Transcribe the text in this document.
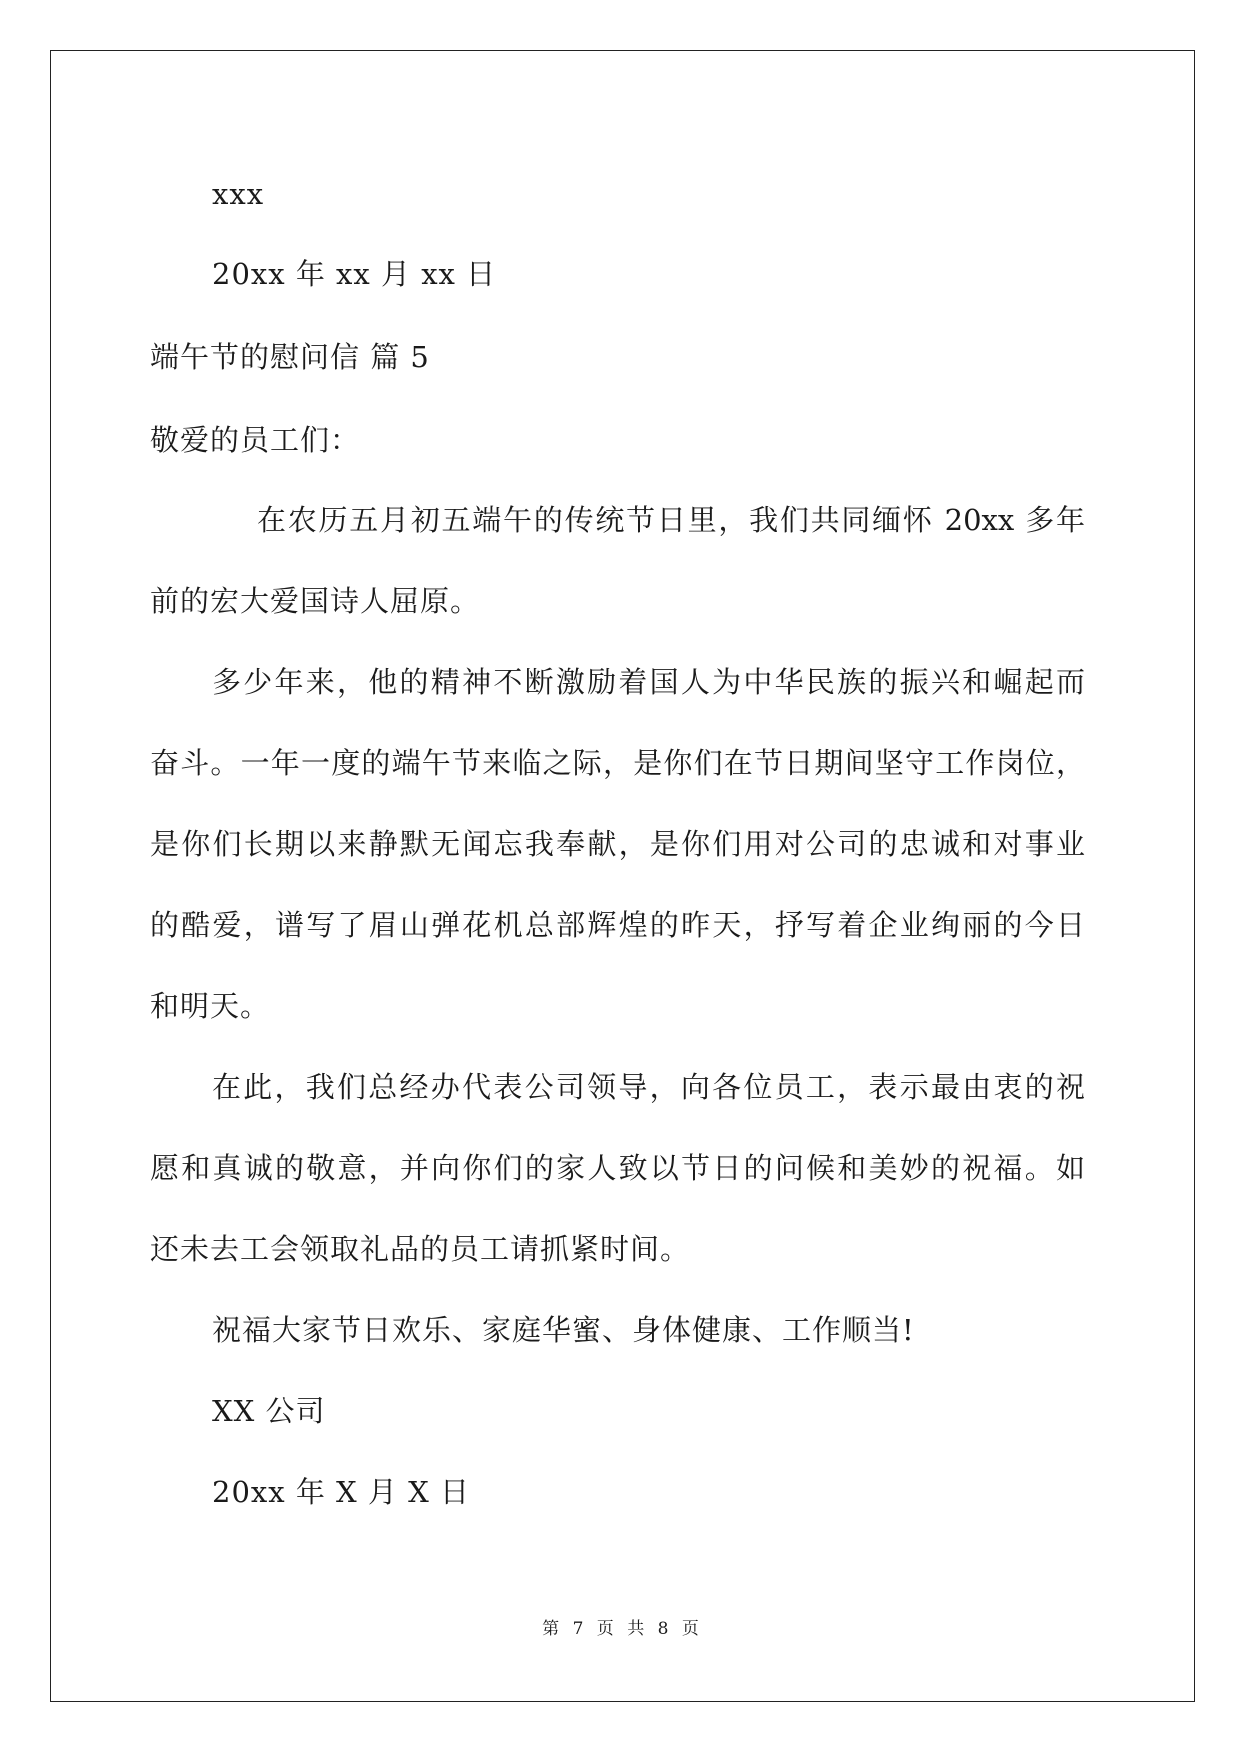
xxx
20xx 年 xx 月 xx 日
端午节的慰问信 篇 5
敬爱的员工们：
在农历五月初五端午的传统节日里，我们共同缅怀 20xx 多年
前的宏大爱国诗人屈原。
多少年来，他的精神不断激励着国人为中华民族的振兴和崛起而
奋斗。一年一度的端午节来临之际，是你们在节日期间坚守工作岗位，
是你们长期以来静默无闻忘我奉献，是你们用对公司的忠诚和对事业
的酷爱，谱写了眉山弹花机总部辉煌的昨天，抒写着企业绚丽的今日
和明天。
在此，我们总经办代表公司领导，向各位员工，表示最由衷的祝
愿和真诚的敬意，并向你们的家人致以节日的问候和美妙的祝福。如
还未去工会领取礼品的员工请抓紧时间。
祝福大家节日欢乐、家庭华蜜、身体健康、工作顺当!
XX 公司
20xx 年 X 月 X 日
第 7 页 共 8 页
